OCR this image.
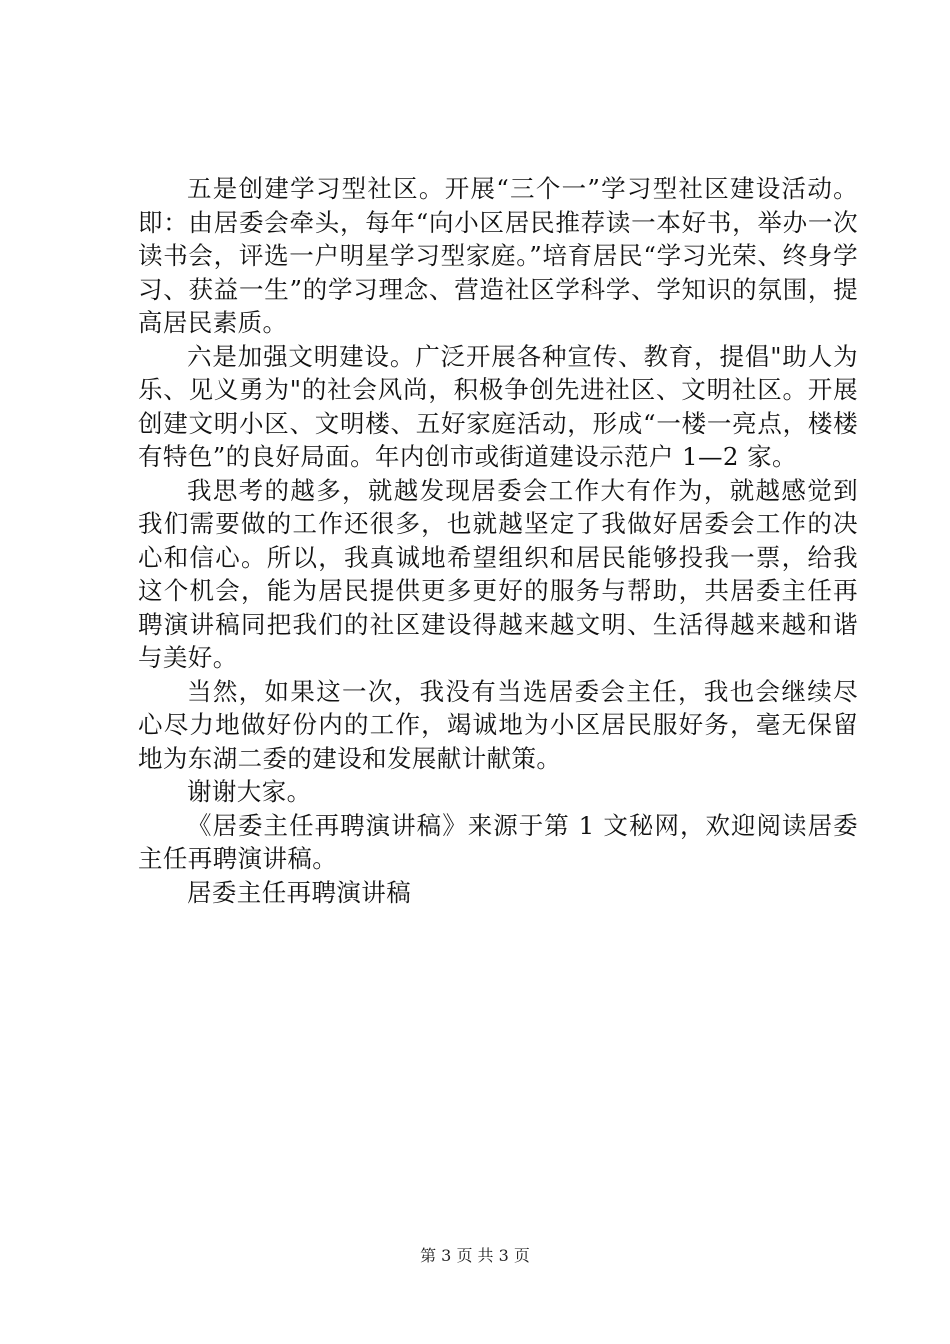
五是创建学习型社区。开展“三个一”学习型社区建设活动。即：由居委会牵头，每年“向小区居民推荐读一本好书，举办一次读书会，评选一户明星学习型家庭。”培育居民“学习光荣、终身学习、获益一生”的学习理念、营造社区学科学、学知识的氛围，提高居民素质。

六是加强文明建设。广泛开展各种宣传、教育，提倡"助人为乐、见义勇为"的社会风尚，积极争创先进社区、文明社区。开展创建文明小区、文明楼、五好家庭活动，形成“一楼一亮点，楼楼有特色”的良好局面。年内创市或街道建设示范户 1—2 家。

我思考的越多，就越发现居委会工作大有作为，就越感觉到我们需要做的工作还很多，也就越坚定了我做好居委会工作的决心和信心。所以，我真诚地希望组织和居民能够投我一票，给我这个机会，能为居民提供更多更好的服务与帮助，共居委主任再聘演讲稿同把我们的社区建设得越来越文明、生活得越来越和谐与美好。

当然，如果这一次，我没有当选居委会主任，我也会继续尽心尽力地做好份内的工作，竭诚地为小区居民服好务，毫无保留地为东湖二委的建设和发展献计献策。

谢谢大家。

《居委主任再聘演讲稿》来源于第 1 文秘网，欢迎阅读居委主任再聘演讲稿。

居委主任再聘演讲稿

第 3 页 共 3 页
